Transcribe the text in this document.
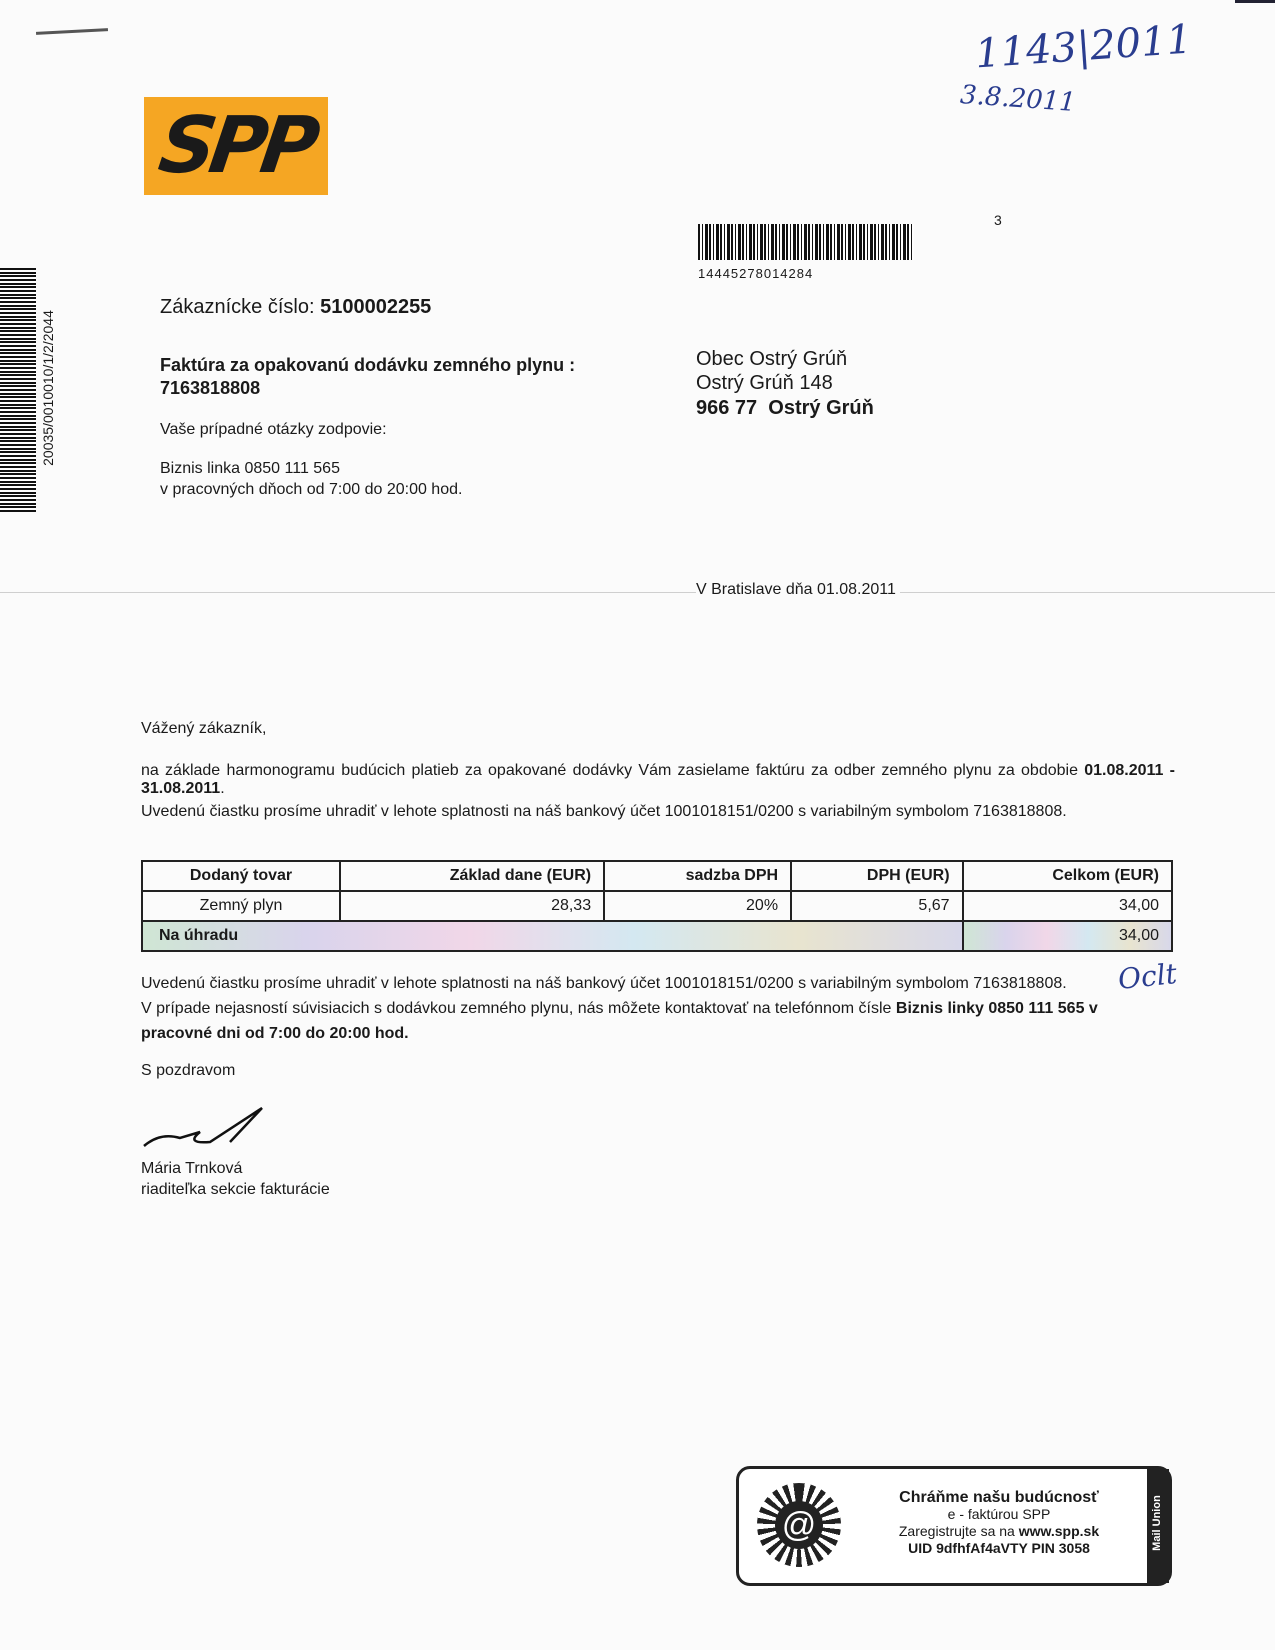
SPP
1143|2011
3.8.2011
3
14445278014284
20035/0010010/1/2/2044
Zákaznícke číslo: 5100002255
Faktúra za opakovanú dodávku zemného plynu :
7163818808
Vaše prípadné otázky zodpovie:
Biznis linka 0850 111 565
v pracovných dňoch od 7:00 do 20:00 hod.
Obec Ostrý Grúň
Ostrý Grúň 148
966 77  Ostrý Grúň
V Bratislave dňa 01.08.2011
Vážený zákazník,
na základe harmonogramu budúcich platieb za opakované dodávky Vám zasielame faktúru za odber zemného plynu za obdobie 01.08.2011 - 31.08.2011.
Uvedenú čiastku prosíme uhradiť v lehote splatnosti na náš bankový účet 1001018151/0200 s variabilným symbolom 7163818808.
Dodaný tovar	Základ dane (EUR)	sadzba DPH	DPH (EUR)	Celkom (EUR)
Zemný plyn	28,33	20%	5,67	34,00
Na úhradu				34,00
Oclt
Uvedenú čiastku prosíme uhradiť v lehote splatnosti na náš bankový účet 1001018151/0200 s variabilným symbolom 7163818808.
V prípade nejasností súvisiacich s dodávkou zemného plynu, nás môžete kontaktovať na telefónnom čísle Biznis linky 0850 111 565 v pracovné dni od 7:00 do 20:00 hod.
S pozdravom
Mária Trnková
riaditeľka sekcie fakturácie
@
Chráňme našu budúcnosť
e - faktúrou SPP
Zaregistrujte sa na www.spp.sk
UID 9dfhfAf4aVTY PIN 3058	Mail Union
